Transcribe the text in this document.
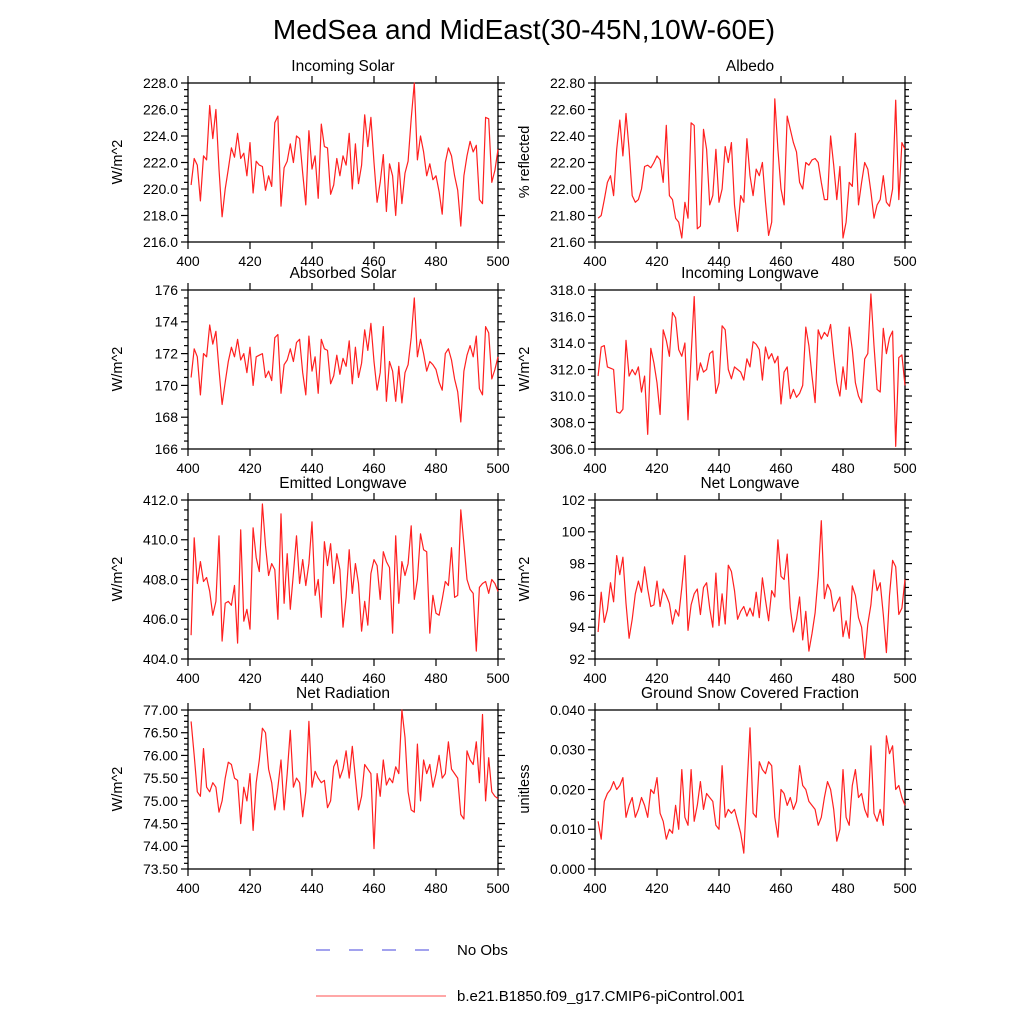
MedSea and MidEast(30-45N,10W-60E)
Incoming Solar
W/m^2
400	420	440	460	480	500
216.0
218.0
220.0
222.0
224.0
226.0
228.0
Albedo
% reflected
400	420	440	460	480	500
21.60
21.80
22.00
22.20
22.40
22.60
22.80
Absorbed Solar
W/m^2
400	420	440	460	480	500
166
168
170
172
174
176
Incoming Longwave
W/m^2
400	420	440	460	480	500
306.0
308.0
310.0
312.0
314.0
316.0
318.0
Emitted Longwave
W/m^2
400	420	440	460	480	500
404.0
406.0
408.0
410.0
412.0
Net Longwave
W/m^2
400	420	440	460	480	500
92
94
96
98
100
102
Net Radiation
W/m^2
400	420	440	460	480	500
73.50
74.00
74.50
75.00
75.50
76.00
76.50
77.00
Ground Snow Covered Fraction
unitless
400	420	440	460	480	500
0.000
0.010
0.020
0.030
0.040
No Obs
b.e21.B1850.f09_g17.CMIP6-piControl.001
